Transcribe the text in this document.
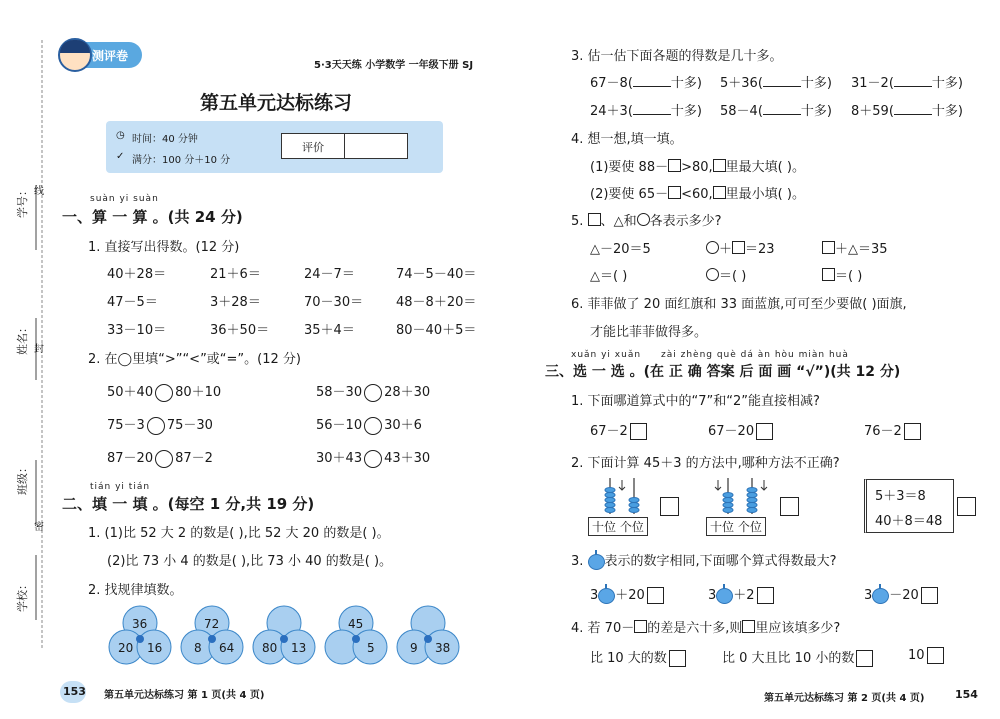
学号： 线
姓名： 封
班级：
密
学校：
测评卷
5·3天天练 小学数学 一年级下册 SJ
第五单元达标练习
◷ 时间：40 分钟
✓ 满分：100 分＋10 分
评价
suàn yi suàn
一、算 一 算 。(共 24 分)
1. 直接写出得数。(12 分)
40＋28＝	21＋6＝	24－7＝	74－5－40＝
47－5＝	3＋28＝	70－30＝	48－8＋20＝
33－10＝	36＋50＝	35＋4＝	80－40＋5＝
2. 在◯里填“>”“<”或“=”。(12 分)
50＋40 80＋10	58－30 28＋30
75－3 75－30	56－10 30＋6
87－20 87－2	30＋43 43＋30
tián yi tián
二、填 一 填 。(每空 1 分,共 19 分)
1. (1)比 52 大 2 的数是( ),比 52 大 20 的数是( )。
(2)比 73 小 4 的数是( ),比 73 小 40 的数是( )。
2. 找规律填数。
36
20 16
72
8 64 80 13
45
5	9 38
153 第五单元达标练习 第 1 页(共 4 页)
3. 估一估下面各题的得数是几十多。
67－8(	十多) 5＋36(	十多) 31－2(	十多)
24＋3(	十多) 58－4(	十多) 8＋59(	十多)
4. 想一想,填一填。
(1)要使 88－ >80, 里最大填( )。
(2)要使 65－ <60, 里最小填( )。
5. 、△和 各表示多少?
△－20＝5	＋ ＝23	＋△＝35
△＝( )	＝( )	＝( )
6. 菲菲做了 20 面红旗和 33 面蓝旗,可可至少要做( )面旗,
才能比菲菲做得多。
xuǎn yi xuǎn zài zhèng què dá àn hòu miàn huà
三、选 一 选 。(在 正 确 答案 后 面 画 “√”)(共 12 分)
1. 下面哪道算式中的“7”和“2”能直接相减?
67－2	67－20	76－2
2. 下面计算 45＋3 的方法中,哪种方法不正确?
十位 个位	十位 个位
5＋3＝8
40＋8＝48
3. 表示的数字相同,下面哪个算式得数最大?
3 ＋20	3 ＋2	3 －20
4. 若 70－ 的差是六十多,则 里应该填多少?
比 10 大的数	比 0 大且比 10 小的数	10
第五单元达标练习 第 2 页(共 4 页)	154
